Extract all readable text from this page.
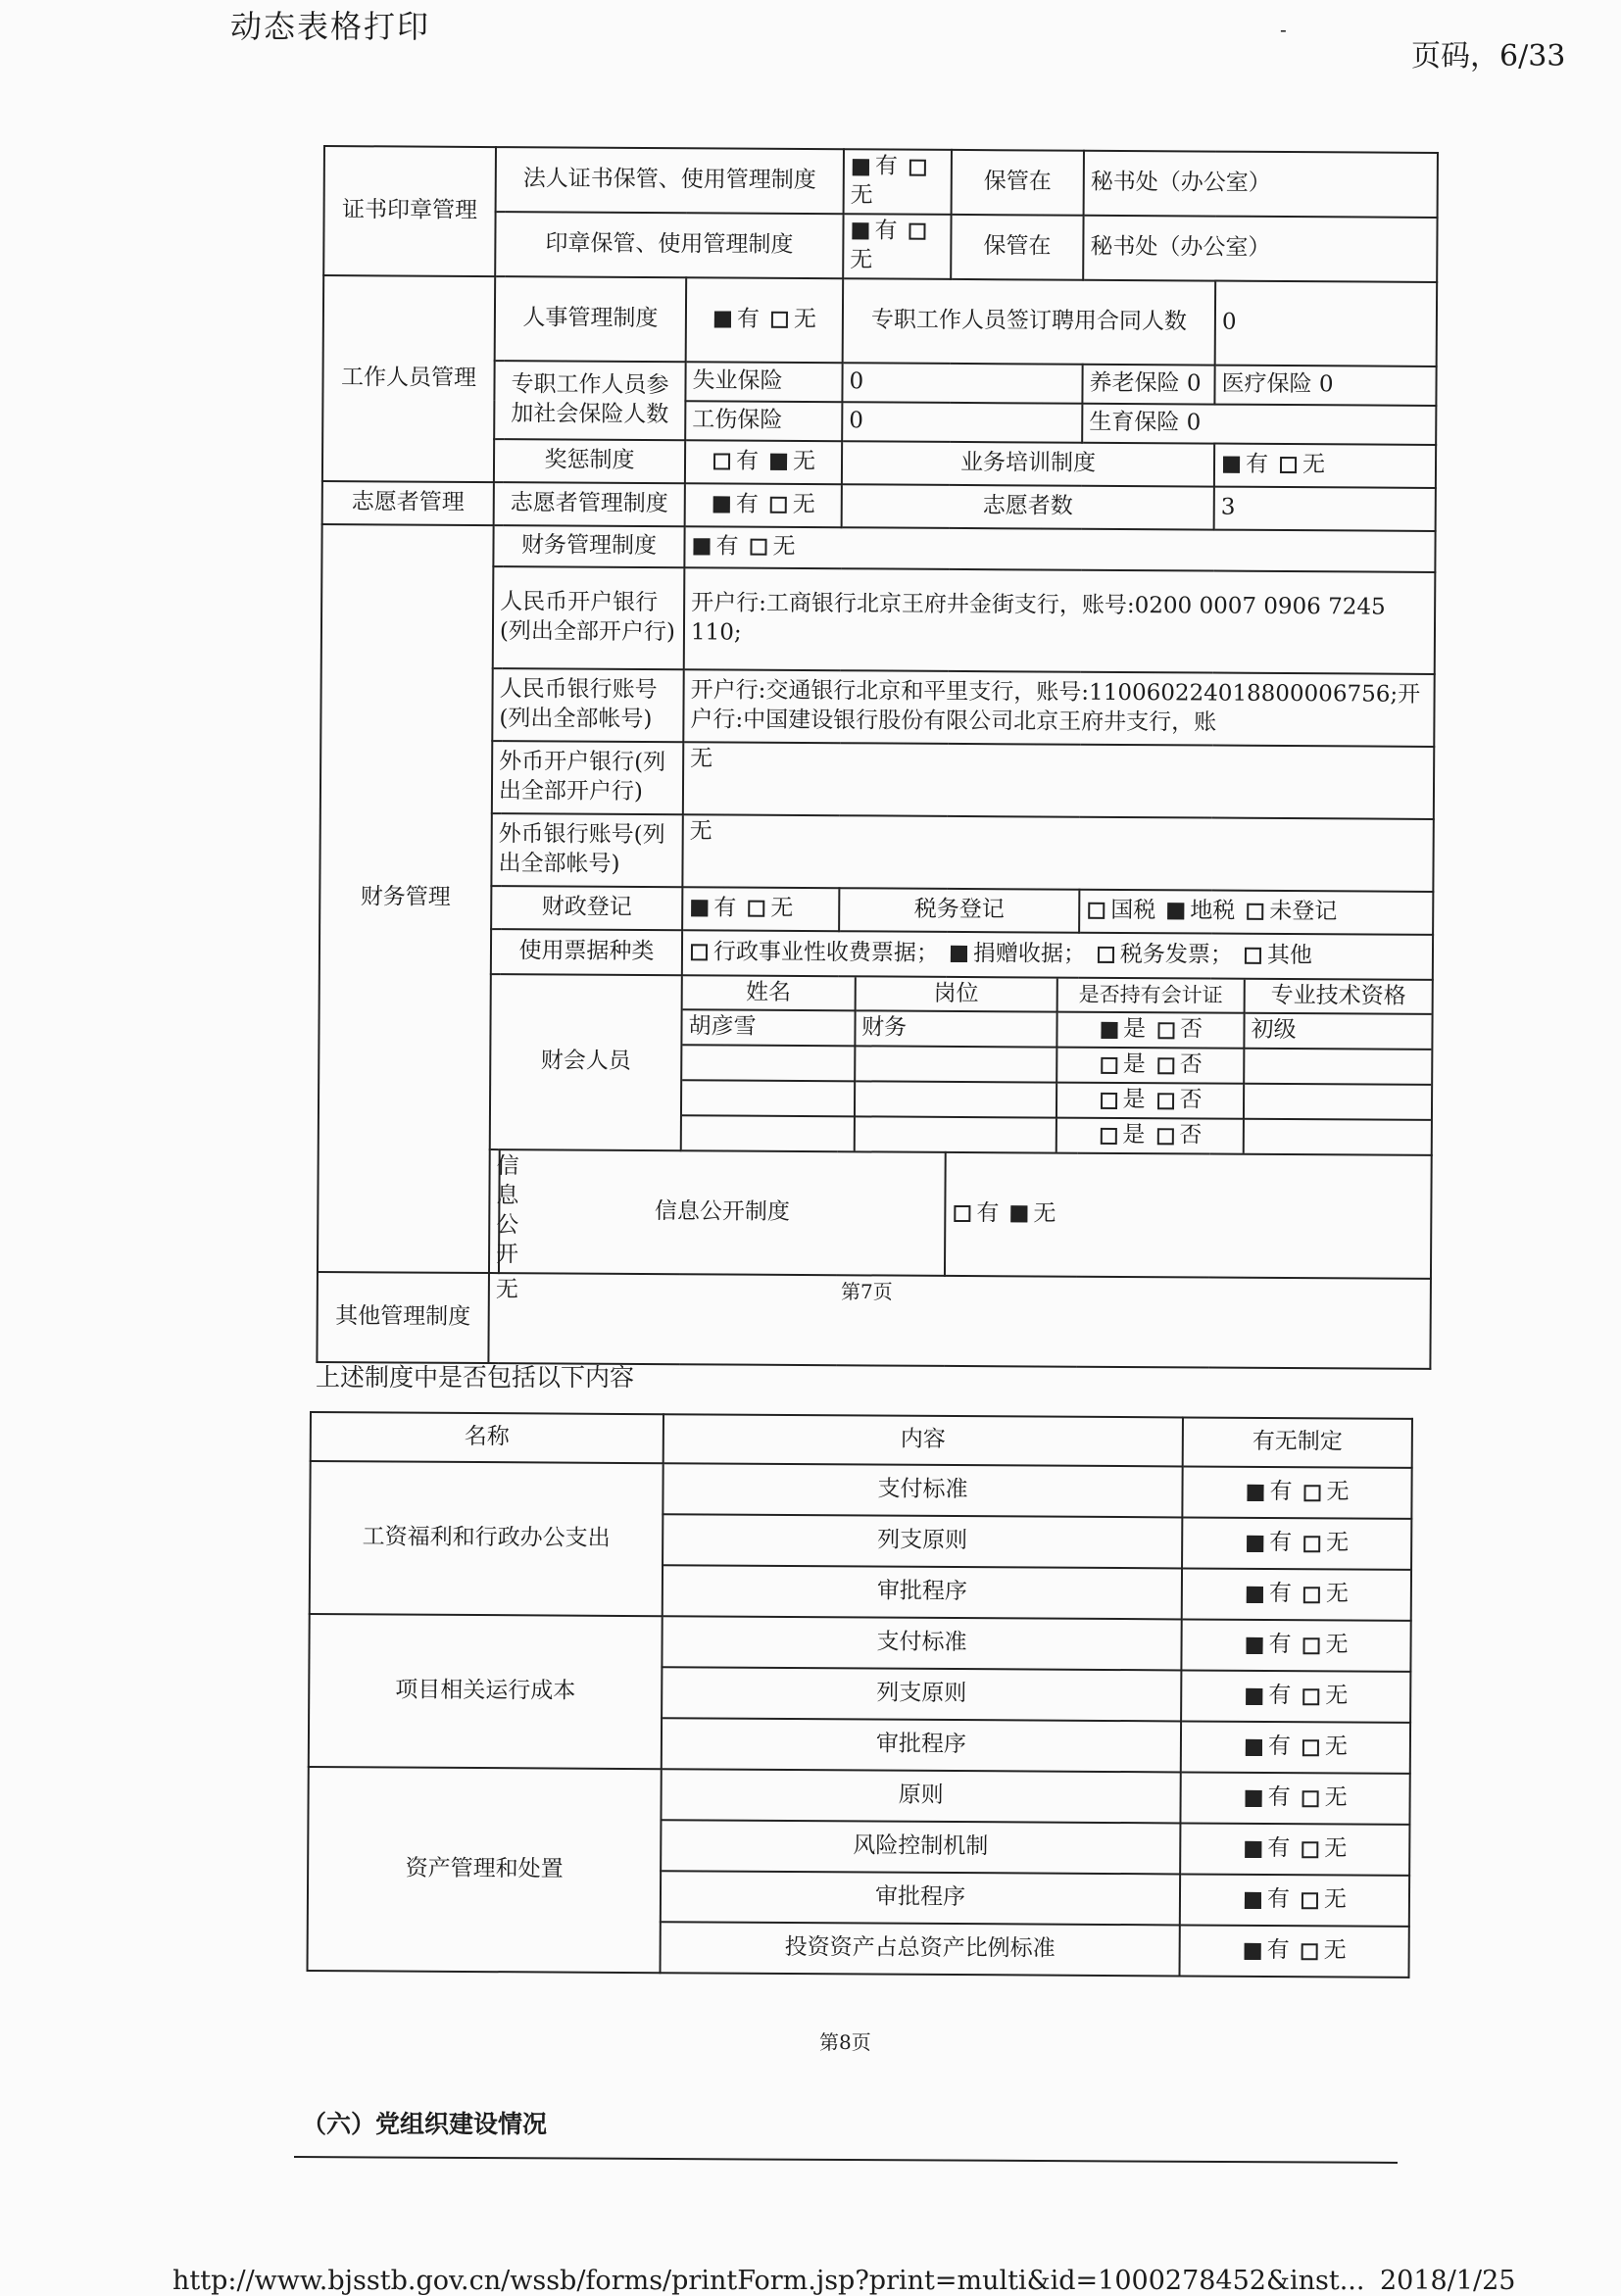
动态表格打印	-
页码，6/33
证书印章管理	法人证书保管、使用管理制度	有无	保管在	秘书处（办公室）
印章保管、使用管理制度	有无	保管在	秘书处（办公室）
工作人员管理	人事管理制度	有 无	专职工作人员签订聘用合同人数	0
专职工作人员参加社会保险人数	失业保险	0	养老保险 0	医疗保险 0
工伤保险	0	生育保险 0
奖惩制度	有 无	业务培训制度	有 无
志愿者管理	志愿者管理制度	有 无	志愿者数	3
财务管理	财务管理制度	有 无
人民币开户银行(列出全部开户行)	开户行:工商银行北京王府井金街支行，账号:0200 0007 0906 7245 110;
人民币银行账号(列出全部帐号)	开户行:交通银行北京和平里支行，账号:110060224018800006756;开户行:中国建设银行股份有限公司北京王府井支行，账
外币开户银行(列出全部开户行)	无
外币银行账号(列出全部帐号)	无
财政登记	有 无	税务登记	国税 地税 未登记
使用票据种类	行政事业性收费票据； 捐赠收据； 税务发票； 其他
财会人员	
姓名	岗位	是否持有会计证	专业技术资格
胡彦雪	财务	是 否	初级
		是 否	
		是 否	
		是 否	

信息公开	信息公开制度	有 无
其他管理制度	无	第7页
上述制度中是否包括以下内容
名称	内容	有无制定
工资福利和行政办公支出	支付标准	有 无
	列支原则	有 无
	审批程序	有 无
项目相关运行成本	支付标准	有 无
	列支原则	有 无
	审批程序	有 无
资产管理和处置	原则	有 无
	风险控制机制	有 无
	审批程序	有 无
	投资资产占总资产比例标准	有 无
第8页
（六）党组织建设情况
http://www.bjsstb.gov.cn/wssb/forms/printForm.jsp?print=multi&id=1000278452&inst... 2018/1/25
